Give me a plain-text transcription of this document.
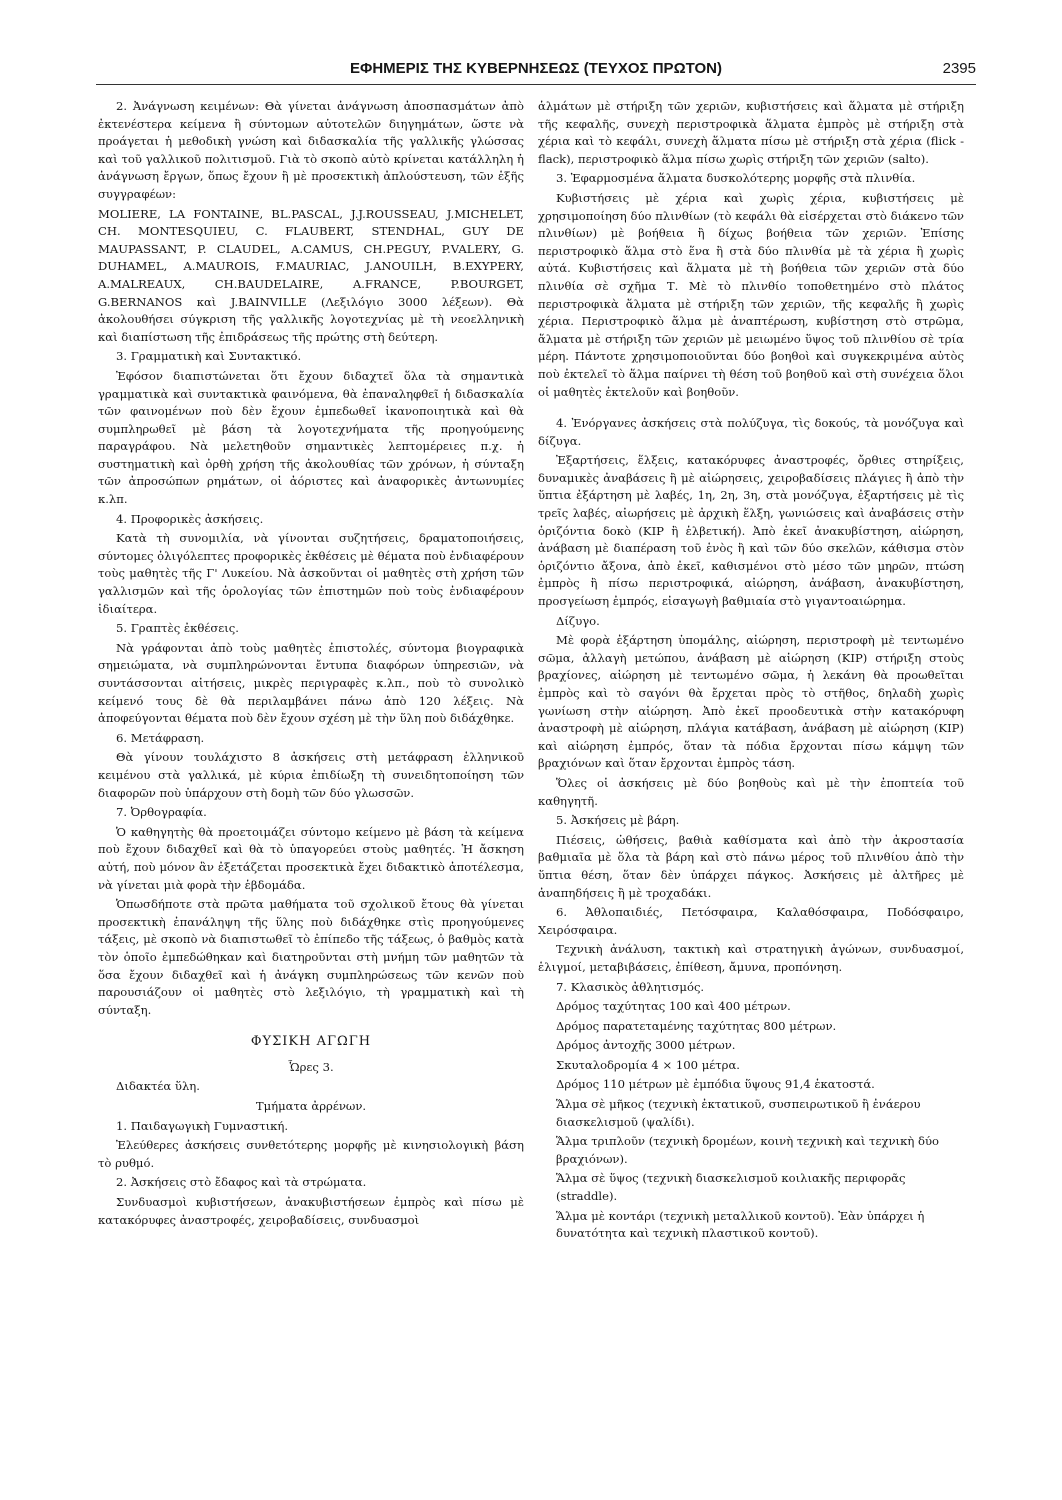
ΕΦΗΜΕΡΙΣ ΤΗΣ ΚΥΒΕΡΝΗΣΕΩΣ (ΤΕΥΧΟΣ ΠΡΩΤΟΝ)	2395

2. Ἀνάγνωση κειμένων: Θὰ γίνεται ἀνάγνωση ἀποσπασμάτων ἀπὸ ἐκτενέστερα κείμενα ἢ σύντομων αὐτοτελῶν διηγημάτων, ὥστε νὰ προάγεται ἡ μεθοδικὴ γνώση καὶ διδασκαλία τῆς γαλλικῆς γλώσσας καὶ τοῦ γαλλικοῦ πολιτισμοῦ. Γιὰ τὸ σκοπὸ αὐτὸ κρίνεται κατάλληλη ἡ ἀνάγνωση ἔργων, ὅπως ἔχουν ἢ μὲ προσεκτικὴ ἀπλούστευση, τῶν ἑξῆς συγγραφέων:

MOLIERE, LA FONTAINE, BL.PASCAL, J.J.ROUSSEAU, J.MICHELET, CH. MONTESQUIEU, C. FLAUBERT, STENDHAL, GUY DE MAUPASSANT, P. CLAUDEL, A.CAMUS, CH.PEGUY, P.VALERY, G. DUHAMEL, A.MAUROIS, F.MAURIAC, J.ANOUILH, B.EXYPERY, A.MALREAUX, CH.BAUDELAIRE, A.FRANCE, P.BOURGET, G.BERNANOS καὶ J.BAINVILLE (Λεξιλόγιο 3000 λέξεων). Θὰ ἀκολουθήσει σύγκριση τῆς γαλλικῆς λογοτεχνίας μὲ τὴ νεοελληνικὴ καὶ διαπίστωση τῆς ἐπιδράσεως τῆς πρώτης στὴ δεύτερη.

3. Γραμματικὴ καὶ Συντακτικό.

Ἐφόσον διαπιστώνεται ὅτι ἔχουν διδαχτεῖ ὅλα τὰ σημαντικὰ γραμματικὰ καὶ συντακτικὰ φαινόμενα, θὰ ἐπαναληφθεῖ ἡ διδασκαλία τῶν φαινομένων ποὺ δὲν ἔχουν ἐμπεδωθεῖ ἱκανοποιητικὰ καὶ θὰ συμπληρωθεῖ μὲ βάση τὰ λογοτεχνήματα τῆς προηγούμενης παραγράφου. Νὰ μελετηθοῦν σημαντικὲς λεπτομέρειες π.χ. ἡ συστηματικὴ καὶ ὀρθὴ χρήση τῆς ἀκολουθίας τῶν χρόνων, ἡ σύνταξη τῶν ἀπροσώπων ρημάτων, οἱ ἀόριστες καὶ ἀναφορικὲς ἀντωνυμίες κ.λπ.

4. Προφορικὲς ἀσκήσεις.

Κατὰ τὴ συνομιλία, νὰ γίνονται συζητήσεις, δραματοποιήσεις, σύντομες ὀλιγόλεπτες προφορικὲς ἐκθέσεις μὲ θέματα ποὺ ἐνδιαφέρουν τοὺς μαθητὲς τῆς Γ' Λυκείου. Νὰ ἀσκοῦνται οἱ μαθητὲς στὴ χρήση τῶν γαλλισμῶν καὶ τῆς ὁρολογίας τῶν ἐπιστημῶν ποὺ τοὺς ἐνδιαφέρουν ἰδιαίτερα.

5. Γραπτὲς ἐκθέσεις.

Νὰ γράφονται ἀπὸ τοὺς μαθητὲς ἐπιστολές, σύντομα βιογραφικὰ σημειώματα, νὰ συμπληρώνονται ἔντυπα διαφόρων ὑπηρεσιῶν, νὰ συντάσσονται αἰτήσεις, μικρὲς περιγραφὲς κ.λπ., ποὺ τὸ συνολικὸ κείμενό τους δὲ θὰ περιλαμβάνει πάνω ἀπὸ 120 λέξεις. Νὰ ἀποφεύγονται θέματα ποὺ δὲν ἔχουν σχέση μὲ τὴν ὕλη ποὺ διδάχθηκε.

6. Μετάφραση.

Θὰ γίνουν τουλάχιστο 8 ἀσκήσεις στὴ μετάφραση ἑλληνικοῦ κειμένου στὰ γαλλικά, μὲ κύρια ἐπιδίωξη τὴ συνειδητοποίηση τῶν διαφορῶν ποὺ ὑπάρχουν στὴ δομὴ τῶν δύο γλωσσῶν.

7. Ὀρθογραφία.

Ὁ καθηγητὴς θὰ προετοιμάζει σύντομο κείμενο μὲ βάση τὰ κείμενα ποὺ ἔχουν διδαχθεῖ καὶ θὰ τὸ ὑπαγορεύει στοὺς μαθητές. Ἡ ἄσκηση αὐτή, ποὺ μόνον ἂν ἐξετάζεται προσεκτικὰ ἔχει διδακτικὸ ἀποτέλεσμα, νὰ γίνεται μιὰ φορὰ τὴν ἑβδομάδα.

Ὁπωσδήποτε στὰ πρῶτα μαθήματα τοῦ σχολικοῦ ἔτους θὰ γίνεται προσεκτικὴ ἐπανάληψη τῆς ὕλης ποὺ διδάχθηκε στὶς προηγούμενες τάξεις, μὲ σκοπὸ νὰ διαπιστωθεῖ τὸ ἐπίπεδο τῆς τάξεως, ὁ βαθμὸς κατὰ τὸν ὁποῖο ἐμπεδώθηκαν καὶ διατηροῦνται στὴ μνήμη τῶν μαθητῶν τὰ ὅσα ἔχουν διδαχθεῖ καὶ ἡ ἀνάγκη συμπληρώσεως τῶν κενῶν ποὺ παρουσιάζουν οἱ μαθητὲς στὸ λεξιλόγιο, τὴ γραμματικὴ καὶ τὴ σύνταξη.

ΦΥΣΙΚΗ ΑΓΩΓΗ

Ὧρες 3.

Διδακτέα ὕλη.

Τμήματα ἀρρένων.

1. Παιδαγωγικὴ Γυμναστική.

Ἐλεύθερες ἀσκήσεις συνθετότερης μορφῆς μὲ κινησιολογικὴ βάση τὸ ρυθμό.

2. Ἀσκήσεις στὸ ἔδαφος καὶ τὰ στρώματα.

Συνδυασμοὶ κυβιστήσεων, ἀνακυβιστήσεων ἐμπρὸς καὶ πίσω μὲ κατακόρυφες ἀναστροφές, χειροβαδίσεις, συνδυασμοὶ

ἁλμάτων μὲ στήριξη τῶν χεριῶν, κυβιστήσεις καὶ ἅλματα μὲ στήριξη τῆς κεφαλῆς, συνεχὴ περιστροφικὰ ἅλματα ἐμπρὸς μὲ στήριξη στὰ χέρια καὶ τὸ κεφάλι, συνεχὴ ἅλματα πίσω μὲ στήριξη στὰ χέρια (flick - flack), περιστροφικὸ ἅλμα πίσω χωρὶς στήριξη τῶν χεριῶν (salto).

3. Ἐφαρμοσμένα ἅλματα δυσκολότερης μορφῆς στὰ πλινθία.

Κυβιστήσεις μὲ χέρια καὶ χωρὶς χέρια, κυβιστήσεις μὲ χρησιμοποίηση δύο πλινθίων (τὸ κεφάλι θὰ εἰσέρχεται στὸ διάκενο τῶν πλινθίων) μὲ βοήθεια ἢ δίχως βοήθεια τῶν χεριῶν. Ἐπίσης περιστροφικὸ ἅλμα στὸ ἕνα ἢ στὰ δύο πλινθία μὲ τὰ χέρια ἢ χωρὶς αὐτά. Κυβιστήσεις καὶ ἅλματα μὲ τὴ βοήθεια τῶν χεριῶν στὰ δύο πλινθία σὲ σχῆμα Τ. Μὲ τὸ πλινθίο τοποθετημένο στὸ πλάτος περιστροφικὰ ἅλματα μὲ στήριξη τῶν χεριῶν, τῆς κεφαλῆς ἢ χωρὶς χέρια. Περιστροφικὸ ἅλμα μὲ ἀναπτέρωση, κυβίστηση στὸ στρῶμα, ἅλματα μὲ στήριξη τῶν χεριῶν μὲ μειωμένο ὕψος τοῦ πλινθίου σὲ τρία μέρη. Πάντοτε χρησιμοποιοῦνται δύο βοηθοὶ καὶ συγκεκριμένα αὐτὸς ποὺ ἐκτελεῖ τὸ ἅλμα παίρνει τὴ θέση τοῦ βοηθοῦ καὶ στὴ συνέχεια ὅλοι οἱ μαθητὲς ἐκτελοῦν καὶ βοηθοῦν.

4. Ἐνόργανες ἀσκήσεις στὰ πολύζυγα, τὶς δοκούς, τὰ μονόζυγα καὶ δίζυγα.

Ἐξαρτήσεις, ἕλξεις, κατακόρυφες ἀναστροφές, ὄρθιες στηρίξεις, δυναμικὲς ἀναβάσεις ἢ μὲ αἰώρησεις, χειροβαδίσεις πλάγιες ἢ ἀπὸ τὴν ὕπτια ἐξάρτηση μὲ λαβές, 1η, 2η, 3η, στὰ μονόζυγα, ἐξαρτήσεις μὲ τὶς τρεῖς λαβές, αἰωρήσεις μὲ ἀρχικὴ ἕλξη, γωνιώσεις καὶ ἀναβάσεις στὴν ὁριζόντια δοκὸ (ΚΙΡ ἢ ἑλβετική). Ἀπὸ ἐκεῖ ἀνακυβίστηση, αἰώρηση, ἀνάβαση μὲ διαπέραση τοῦ ἑνὸς ἢ καὶ τῶν δύο σκελῶν, κάθισμα στὸν ὁριζόντιο ἄξονα, ἀπὸ ἐκεῖ, καθισμένοι στὸ μέσο τῶν μηρῶν, πτώση ἐμπρὸς ἢ πίσω περιστροφικά, αἰώρηση, ἀνάβαση, ἀνακυβίστηση, προσγείωση ἐμπρός, εἰσαγωγὴ βαθμιαία στὸ γιγαντοαιώρημα.

Δίζυγο.

Μὲ φορὰ ἐξάρτηση ὑπομάλης, αἰώρηση, περιστροφὴ μὲ τεντωμένο σῶμα, ἀλλαγὴ μετώπου, ἀνάβαση μὲ αἰώρηση (ΚΙΡ) στήριξη στοὺς βραχίονες, αἰώρηση μὲ τεντωμένο σῶμα, ἡ λεκάνη θὰ προωθεῖται ἐμπρὸς καὶ τὸ σαγόνι θὰ ἔρχεται πρὸς τὸ στῆθος, δηλαδὴ χωρὶς γωνίωση στὴν αἰώρηση. Ἀπὸ ἐκεῖ προοδευτικὰ στὴν κατακόρυφη ἀναστροφὴ μὲ αἰώρηση, πλάγια κατάβαση, ἀνάβαση μὲ αἰώρηση (ΚΙΡ) καὶ αἰώρηση ἐμπρός, ὅταν τὰ πόδια ἔρχονται πίσω κάμψη τῶν βραχιόνων καὶ ὅταν ἔρχονται ἐμπρὸς τάση.

Ὅλες οἱ ἀσκήσεις μὲ δύο βοηθοὺς καὶ μὲ τὴν ἐποπτεία τοῦ καθηγητῆ.

5. Ἀσκήσεις μὲ βάρη.

Πιέσεις, ὠθήσεις, βαθιὰ καθίσματα καὶ ἀπὸ τὴν ἀκροστασία βαθμιαῖα μὲ ὅλα τὰ βάρη καὶ στὸ πάνω μέρος τοῦ πλινθίου ἀπὸ τὴν ὕπτια θέση, ὅταν δὲν ὑπάρχει πάγκος. Ἀσκήσεις μὲ ἀλτῆρες μὲ ἀναπηδήσεις ἢ μὲ τροχαδάκι.

6. Ἀθλοπαιδιές, Πετόσφαιρα, Καλαθόσφαιρα, Ποδόσφαιρο, Χειρόσφαιρα.

Τεχνικὴ ἀνάλυση, τακτικὴ καὶ στρατηγικὴ ἀγώνων, συνδυασμοί, ἑλιγμοί, μεταβιβάσεις, ἐπίθεση, ἄμυνα, προπόνηση.

7. Κλασικὸς ἀθλητισμός.

Δρόμος ταχύτητας 100 καὶ 400 μέτρων.

Δρόμος παρατεταμένης ταχύτητας 800 μέτρων.

Δρόμος ἀντοχῆς 3000 μέτρων.

Σκυταλοδρομία 4 × 100 μέτρα.

Δρόμος 110 μέτρων μὲ ἐμπόδια ὕψους 91,4 ἑκατοστά.

Ἅλμα σὲ μῆκος (τεχνικὴ ἐκτατικοῦ, συσπειρωτικοῦ ἢ ἐνάερου διασκελισμοῦ (ψαλίδι).

Ἅλμα τριπλοῦν (τεχνικὴ δρομέων, κοινὴ τεχνικὴ καὶ τεχνικὴ δύο βραχιόνων).

Ἅλμα σὲ ὕψος (τεχνικὴ διασκελισμοῦ κοιλιακῆς περιφορᾶς (straddle).

Ἅλμα μὲ κοντάρι (τεχνικὴ μεταλλικοῦ κοντοῦ). Ἐὰν ὑπάρχει ἡ δυνατότητα καὶ τεχνικὴ πλαστικοῦ κοντοῦ).
